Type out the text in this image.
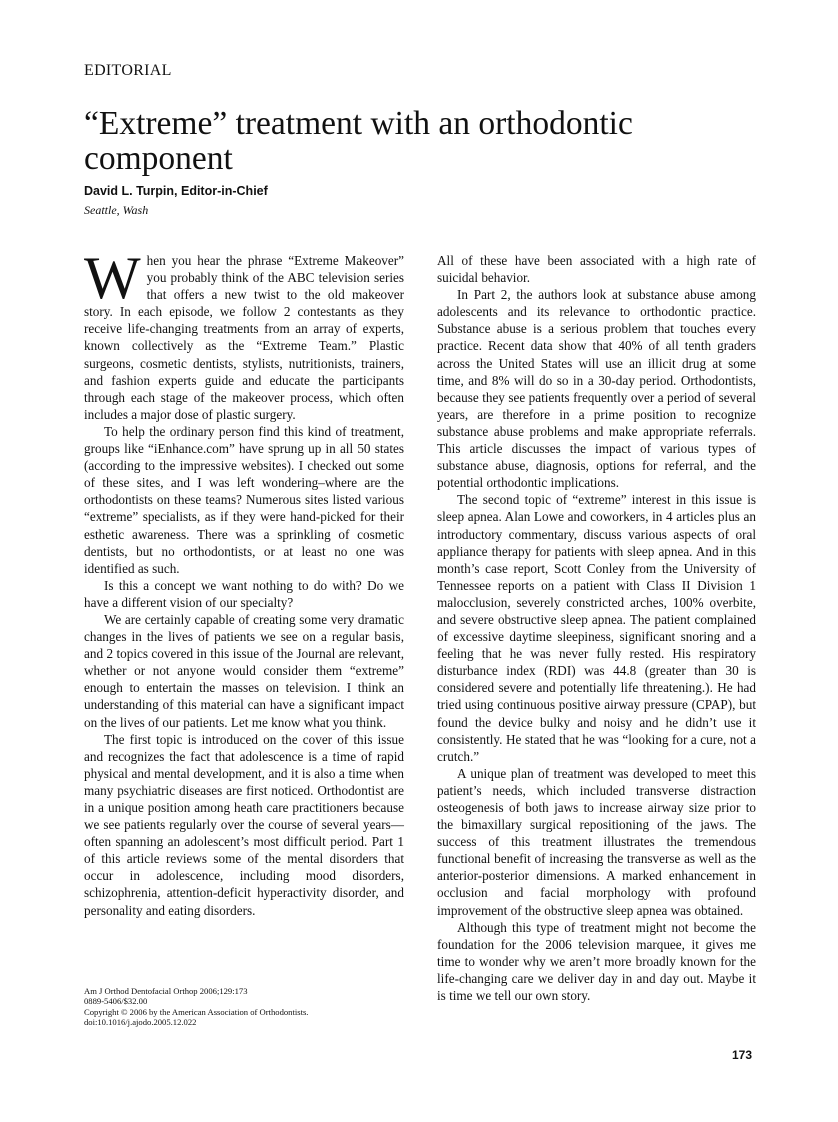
EDITORIAL
“Extreme” treatment with an orthodontic component
David L. Turpin, Editor-in-Chief
Seattle, Wash

When you hear the phrase “Extreme Makeover” you probably think of the ABC television series that offers a new twist to the old makeover story. In each episode, we follow 2 contestants as they receive life-changing treatments from an array of experts, known collectively as the “Extreme Team.” Plastic surgeons, cosmetic dentists, stylists, nutritionists, trainers, and fashion experts guide and educate the participants through each stage of the makeover process, which often includes a major dose of plastic surgery.

To help the ordinary person find this kind of treatment, groups like “iEnhance.com” have sprung up in all 50 states (according to the impressive websites). I checked out some of these sites, and I was left wondering–where are the orthodontists on these teams? Numerous sites listed various “extreme” specialists, as if they were hand-picked for their esthetic awareness. There was a sprinkling of cosmetic dentists, but no orthodontists, or at least no one was identified as such.

Is this a concept we want nothing to do with? Do we have a different vision of our specialty?

We are certainly capable of creating some very dramatic changes in the lives of patients we see on a regular basis, and 2 topics covered in this issue of the Journal are relevant, whether or not anyone would consider them “extreme” enough to entertain the masses on television. I think an understanding of this material can have a significant impact on the lives of our patients. Let me know what you think.

The first topic is introduced on the cover of this issue and recognizes the fact that adolescence is a time of rapid physical and mental development, and it is also a time when many psychiatric diseases are first noticed. Orthodontist are in a unique position among heath care practitioners because we see patients regularly over the course of several years—often spanning an adolescent’s most difficult period. Part 1 of this article reviews some of the mental disorders that occur in adolescence, including mood disorders, schizophrenia, attention-deficit hyperactivity disorder, and personality and eating disorders.

All of these have been associated with a high rate of suicidal behavior.

In Part 2, the authors look at substance abuse among adolescents and its relevance to orthodontic practice. Substance abuse is a serious problem that touches every practice. Recent data show that 40% of all tenth graders across the United States will use an illicit drug at some time, and 8% will do so in a 30-day period. Orthodontists, because they see patients frequently over a period of several years, are therefore in a prime position to recognize substance abuse problems and make appropriate referrals. This article discusses the impact of various types of substance abuse, diagnosis, options for referral, and the potential orthodontic implications.

The second topic of “extreme” interest in this issue is sleep apnea. Alan Lowe and coworkers, in 4 articles plus an introductory commentary, discuss various aspects of oral appliance therapy for patients with sleep apnea. And in this month’s case report, Scott Conley from the University of Tennessee reports on a patient with Class II Division 1 malocclusion, severely constricted arches, 100% overbite, and severe obstructive sleep apnea. The patient complained of excessive daytime sleepiness, significant snoring and a feeling that he was never fully rested. His respiratory disturbance index (RDI) was 44.8 (greater than 30 is considered severe and potentially life threatening.). He had tried using continuous positive airway pressure (CPAP), but found the device bulky and noisy and he didn’t use it consistently. He stated that he was “looking for a cure, not a crutch.”

A unique plan of treatment was developed to meet this patient’s needs, which included transverse distraction osteogenesis of both jaws to increase airway size prior to the bimaxillary surgical repositioning of the jaws. The success of this treatment illustrates the tremendous functional benefit of increasing the transverse as well as the anterior-posterior dimensions. A marked enhancement in occlusion and facial morphology with profound improvement of the obstructive sleep apnea was obtained.

Although this type of treatment might not become the foundation for the 2006 television marquee, it gives me time to wonder why we aren’t more broadly known for the life-changing care we deliver day in and day out. Maybe it is time we tell our own story.

Am J Orthod Dentofacial Orthop 2006;129:173
0889-5406/$32.00
Copyright © 2006 by the American Association of Orthodontists.
doi:10.1016/j.ajodo.2005.12.022
173
